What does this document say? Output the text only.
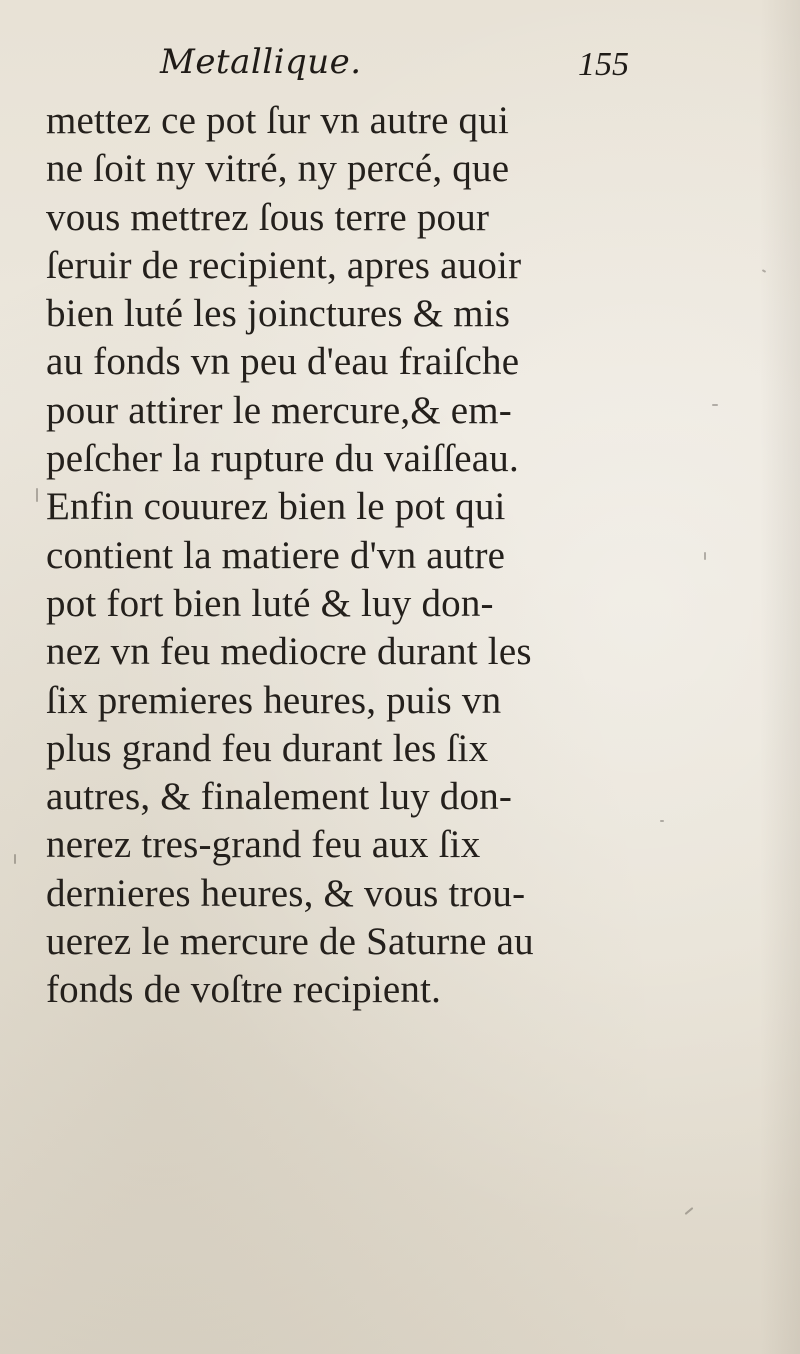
Metallique.	155
mettez ce pot ſur vn autre qui
ne ſoit ny vitré, ny percé, que
vous mettrez ſous terre pour
ſeruir de recipient, apres auoir
bien luté les joinctures & mis
au fonds vn peu d'eau fraiſche
pour attirer le mercure,& em-
peſcher la rupture du vaiſſeau.
Enfin couurez bien le pot qui
contient la matiere d'vn autre
pot fort bien luté & luy don-
nez vn feu mediocre durant les
ſix premieres heures, puis vn
plus grand feu durant les ſix
autres, & finalement luy don-
nerez tres-grand feu aux ſix
dernieres heures, & vous trou-
uerez le mercure de Saturne au
fonds de voſtre recipient.
